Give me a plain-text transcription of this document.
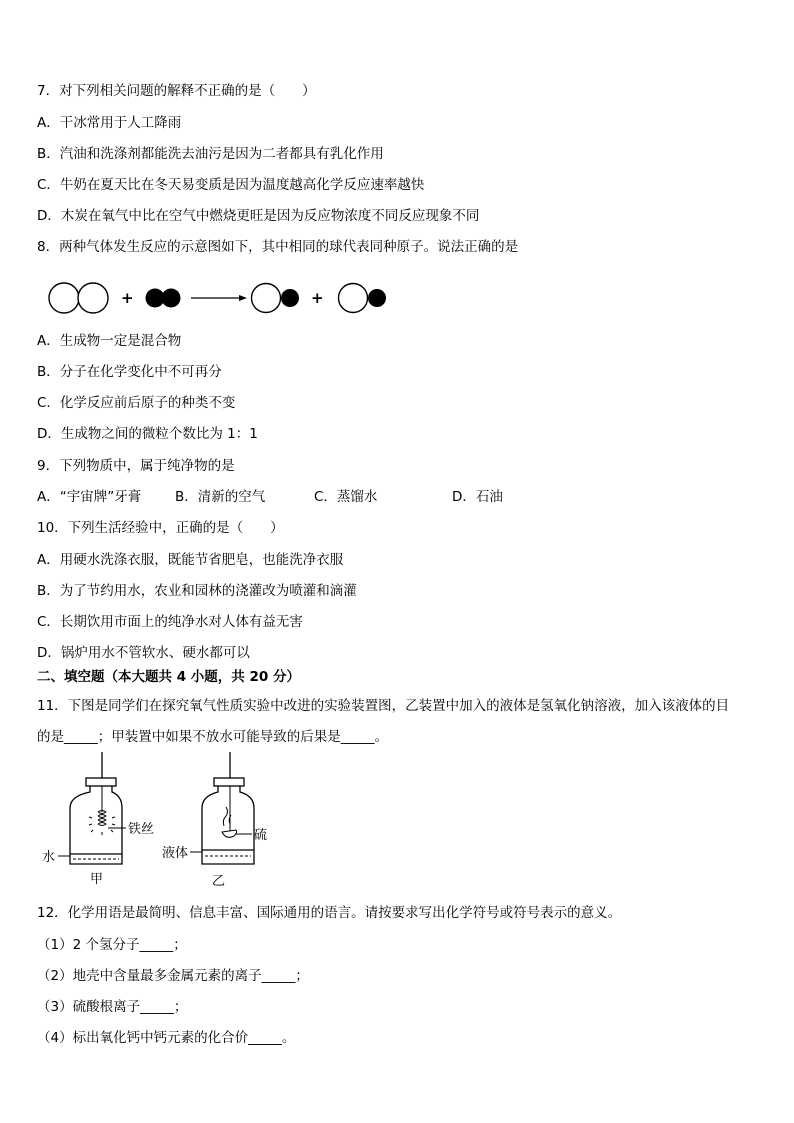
7．对下列相关问题的解释不正确的是（　　）
A．干冰常用于人工降雨
B．汽油和洗涤剂都能洗去油污是因为二者都具有乳化作用
C．牛奶在夏天比在冬天易变质是因为温度越高化学反应速率越快
D．木炭在氧气中比在空气中燃烧更旺是因为反应物浓度不同反应现象不同
8．两种气体发生反应的示意图如下，其中相同的球代表同种原子。说法正确的是
+	+
A．生成物一定是混合物
B．分子在化学变化中不可再分
C．化学反应前后原子的种类不变
D．生成物之间的微粒个数比为 1：1
9．下列物质中，属于纯净物的是
A．“宇宙牌”牙膏	B．清新的空气	C．蒸馏水	D．石油
10．下列生活经验中，正确的是（　　）
A．用硬水洗涤衣服，既能节省肥皂，也能洗净衣服
B．为了节约用水，农业和园林的浇灌改为喷灌和滴灌
C．长期饮用市面上的纯净水对人体有益无害
D．锅炉用水不管软水、硬水都可以
二、填空题（本大题共 4 小题，共 20 分）
11．下图是同学们在探究氧气性质实验中改进的实验装置图，乙装置中加入的液体是氢氧化钠溶液，加入该液体的目
的是_____；甲装置中如果不放水可能导致的后果是_____。
铁丝
水
甲
硫
液体
乙
12．化学用语是最简明、信息丰富、国际通用的语言。请按要求写出化学符号或符号表示的意义。
（1）2 个氢分子_____；
（2）地壳中含量最多金属元素的离子_____；
（3）硫酸根离子_____；
（4）标出氧化钙中钙元素的化合价_____。
